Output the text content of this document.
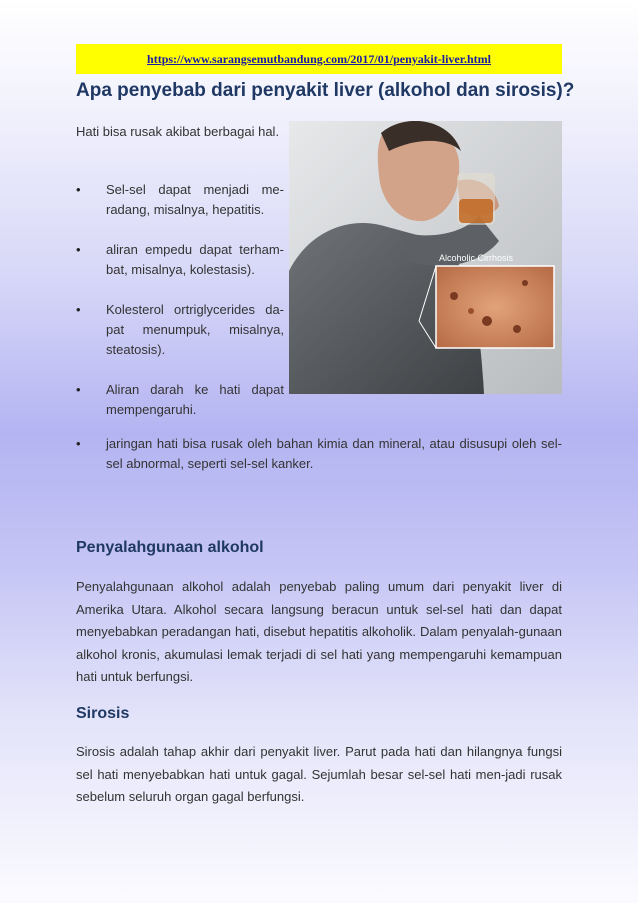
https://www.sarangsemutbandung.com/2017/01/penyakit-liver.html
Apa penyebab dari penyakit liver (alkohol dan sirosis)?
Alcoholic Cirrhosis

Hati bisa rusak akibat berbagai hal.

• Sel-sel dapat menjadi me-radang, misalnya, hepatitis.
• aliran empedu dapat terham-bat, misalnya, kolestasis).
• Kolesterol ortriglycerides da-pat menumpuk, misalnya, steatosis).
• Aliran darah ke hati dapat mempengaruhi.
• jaringan hati bisa rusak oleh bahan kimia dan mineral, atau disusupi oleh sel-sel abnormal, seperti sel-sel kanker.
Penyalahgunaan alkohol

Penyalahgunaan alkohol adalah penyebab paling umum dari penyakit liver di Amerika Utara. Alkohol secara langsung beracun untuk sel-sel hati dan dapat menyebabkan peradangan hati, disebut hepatitis alkoholik. Dalam penyalah-gunaan alkohol kronis, akumulasi lemak terjadi di sel hati yang mempengaruhi kemampuan hati untuk berfungsi.

Sirosis

Sirosis adalah tahap akhir dari penyakit liver. Parut pada hati dan hilangnya fungsi sel hati menyebabkan hati untuk gagal. Sejumlah besar sel-sel hati men-jadi rusak sebelum seluruh organ gagal berfungsi.
